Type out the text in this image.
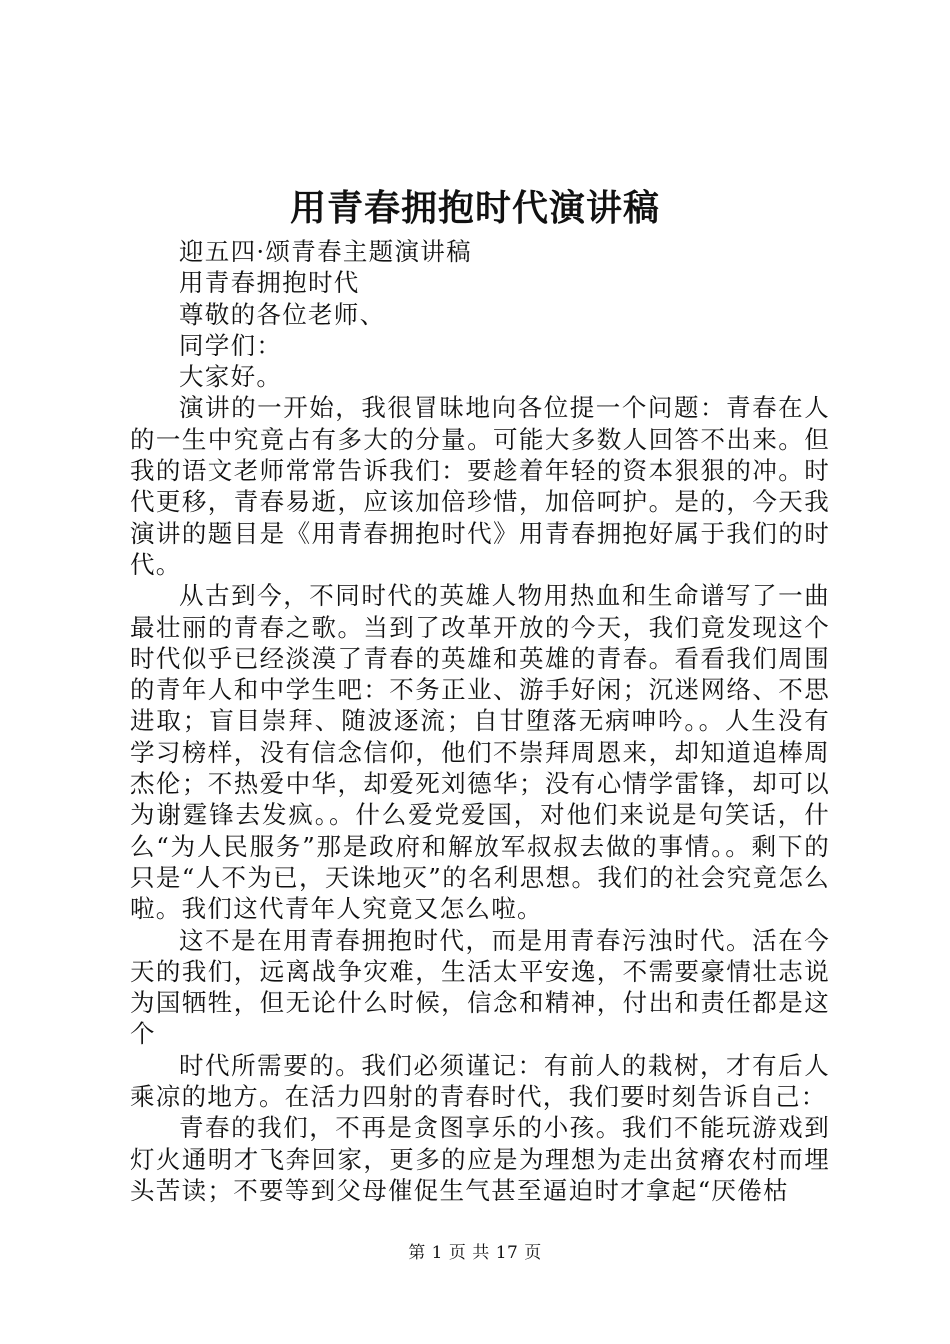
用青春拥抱时代演讲稿

迎五四·颂青春主题演讲稿

用青春拥抱时代

尊敬的各位老师、

同学们：

大家好。

演讲的一开始，我很冒昧地向各位提一个问题：青春在人的一生中究竟占有多大的分量。可能大多数人回答不出来。但我的语文老师常常告诉我们：要趁着年轻的资本狠狠的冲。时代更移，青春易逝，应该加倍珍惜，加倍呵护。是的，今天我演讲的题目是《用青春拥抱时代》用青春拥抱好属于我们的时代。

从古到今，不同时代的英雄人物用热血和生命谱写了一曲最壮丽的青春之歌。当到了改革开放的今天，我们竟发现这个时代似乎已经淡漠了青春的英雄和英雄的青春。看看我们周围的青年人和中学生吧：不务正业、游手好闲；沉迷网络、不思进取；盲目崇拜、随波逐流；自甘堕落无病呻吟。。人生没有学习榜样，没有信念信仰，他们不崇拜周恩来，却知道追棒周杰伦；不热爱中华，却爱死刘德华；没有心情学雷锋，却可以为谢霆锋去发疯。。什么爱党爱国，对他们来说是句笑话，什么“为人民服务”那是政府和解放军叔叔去做的事情。。剩下的只是“人不为已，天诛地灭”的名利思想。我们的社会究竟怎么啦。我们这代青年人究竟又怎么啦。

这不是在用青春拥抱时代，而是用青春污浊时代。活在今天的我们，远离战争灾难，生活太平安逸，不需要豪情壮志说为国牺牲，但无论什么时候，信念和精神，付出和责任都是这个

时代所需要的。我们必须谨记：有前人的栽树，才有后人乘凉的地方。在活力四射的青春时代，我们要时刻告诉自己：

青春的我们，不再是贪图享乐的小孩。我们不能玩游戏到灯火通明才飞奔回家，更多的应是为理想为走出贫瘠农村而埋头苦读；不要等到父母催促生气甚至逼迫时才拿起“厌倦枯

第 1 页 共 17 页
